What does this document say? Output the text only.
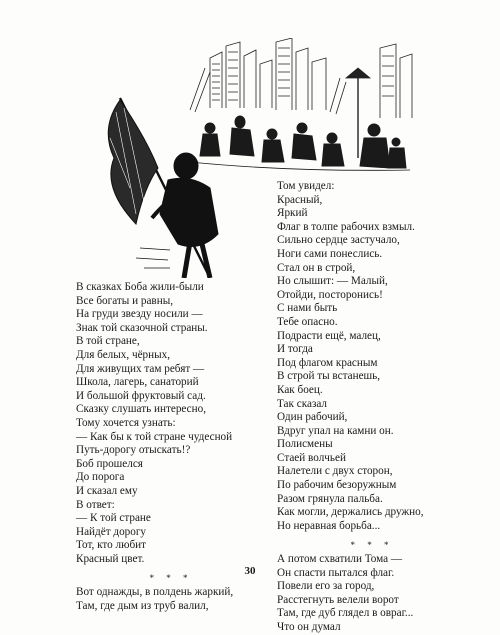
В сказках Боба жили-были
Все богаты и равны,
На груди звезду носили —
Знак той сказочной страны.
В той стране,
Для белых, чёрных,
Для живущих там ребят —
Школа, лагерь, санаторий
И большой фруктовый сад.
Сказку слушать интересно,
Тому хочется узнать:
— Как бы к той стране чудесной
Путь-дорогу отыскать!?
Боб прошелся
До порога
И сказал ему
В ответ:
— К той стране
Найдёт дорогу
Тот, кто любит
Красный цвет.
* * *
Вот однажды, в полдень жаркий,
Там, где дым из труб валил,
Том увидел:
Красный,
Яркий
Флаг в толпе рабочих взмыл.
Сильно сердце застучало,
Ноги сами понеслись.
Стал он в строй,
Но слышит: — Малый,
Отойди, посторонись!
С нами быть
Тебе опасно.
Подрасти ещё, малец,
И тогда
Под флагом красным
В строй ты встанешь,
Как боец.
Так сказал
Один рабочий,
Вдруг упал на камни он.
Полисмены
Стаей волчьей
Налетели с двух сторон,
По рабочим безоружным
Разом грянула пальба.
Как могли, держались дружно,
Но неравная борьба...
* * *
А потом схватили Тома —
Он спасти пытался флаг.
Повели его за город,
Расстегнуть велели ворот
Там, где дуб глядел в овраг...
Что он думал
30
